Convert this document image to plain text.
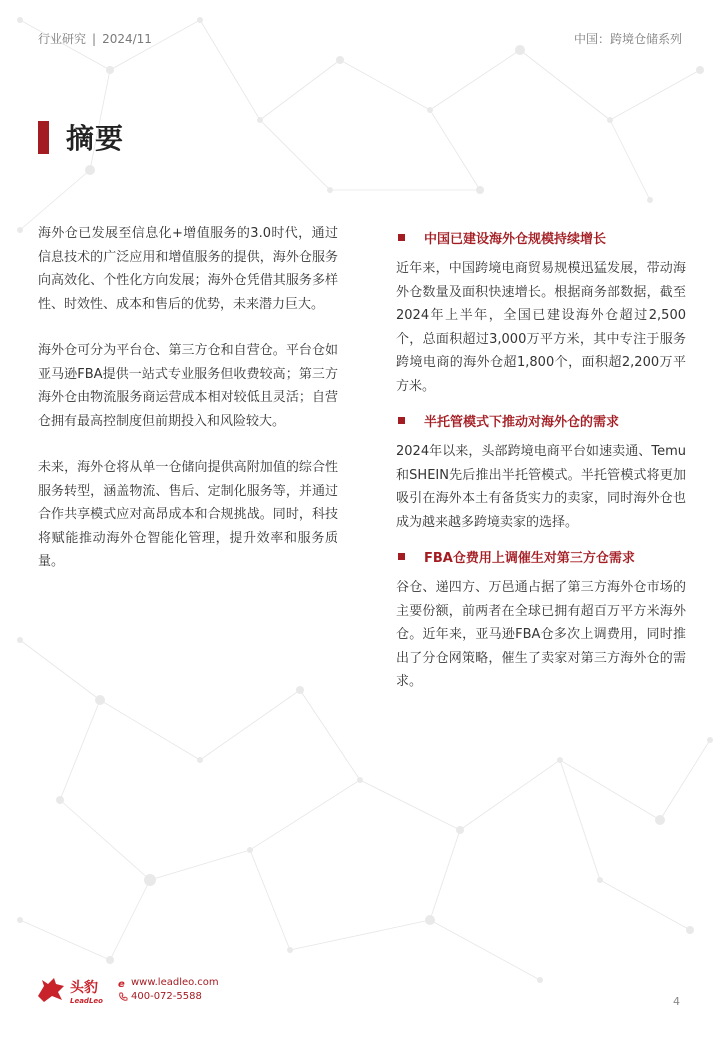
行业研究 | 2024/11	中国：跨境仓储系列
摘要

海外仓已发展至信息化+增值服务的3.0时代，通过信息技术的广泛应用和增值服务的提供，海外仓服务向高效化、个性化方向发展；海外仓凭借其服务多样性、时效性、成本和售后的优势，未来潜力巨大。

海外仓可分为平台仓、第三方仓和自营仓。平台仓如亚马逊FBA提供一站式专业服务但收费较高；第三方海外仓由物流服务商运营成本相对较低且灵活；自营仓拥有最高控制度但前期投入和风险较大。

未来，海外仓将从单一仓储向提供高附加值的综合性服务转型，涵盖物流、售后、定制化服务等，并通过合作共享模式应对高昂成本和合规挑战。同时，科技将赋能推动海外仓智能化管理，提升效率和服务质量。

中国已建设海外仓规模持续增长

近年来，中国跨境电商贸易规模迅猛发展，带动海外仓数量及面积快速增长。根据商务部数据，截至2024年上半年，全国已建设海外仓超过2,500个，总面积超过3,000万平方米，其中专注于服务跨境电商的海外仓超1,800个，面积超2,200万平方米。

半托管模式下推动对海外仓的需求

2024年以来，头部跨境电商平台如速卖通、Temu和SHEIN先后推出半托管模式。半托管模式将更加吸引在海外本土有备货实力的卖家，同时海外仓也成为越来越多跨境卖家的选择。

FBA仓费用上调催生对第三方仓需求

谷仓、递四方、万邑通占据了第三方海外仓市场的主要份额，前两者在全球已拥有超百万平方米海外仓。近年来，亚马逊FBA仓多次上调费用，同时推出了分仓网策略，催生了卖家对第三方海外仓的需求。

头豹
LeadLeo
e www.leadleo.com
400-072-5588	4
